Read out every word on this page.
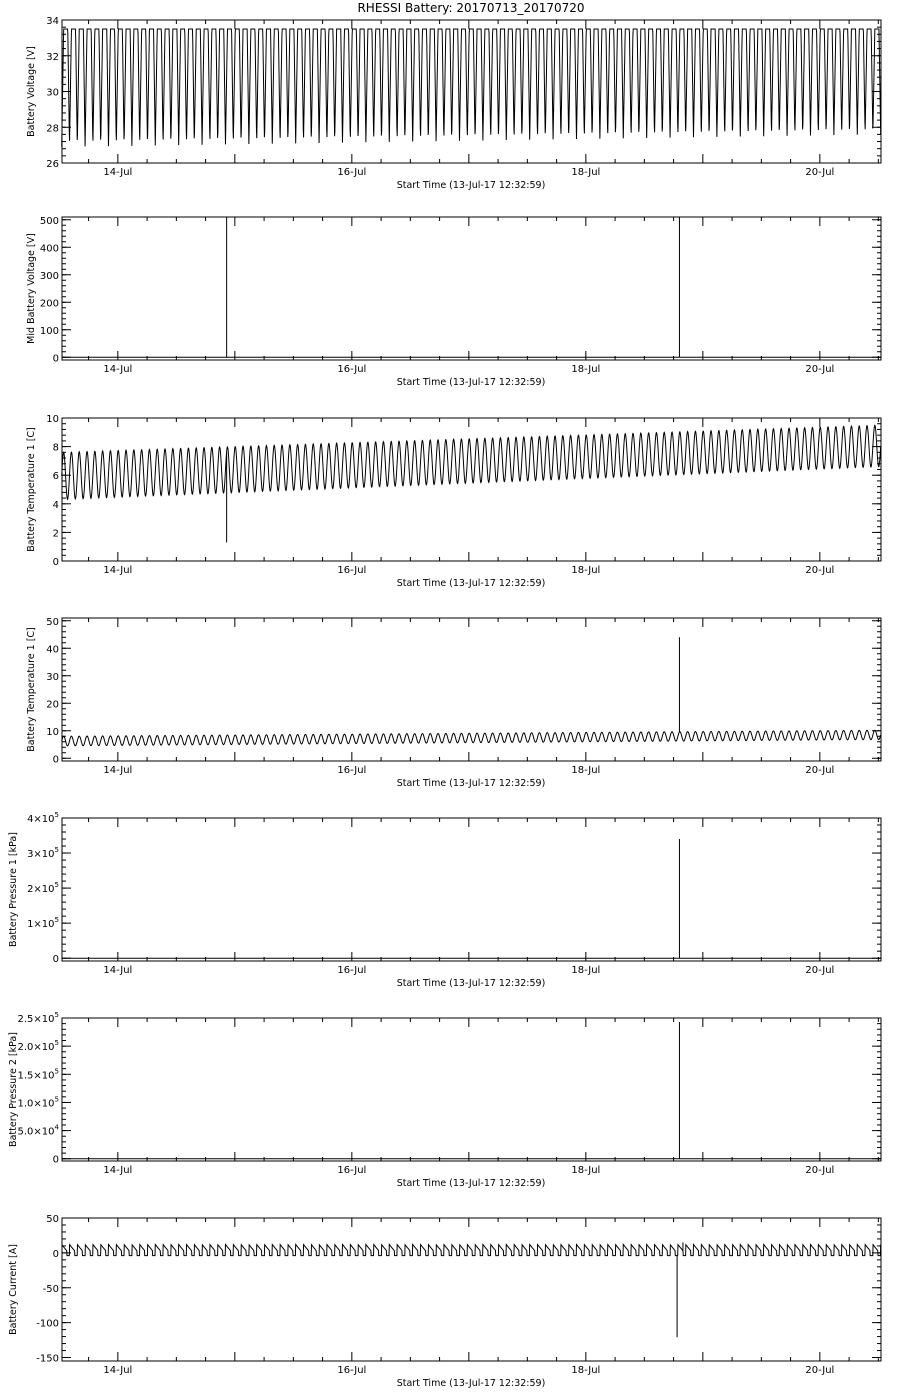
RHESSI Battery: 20170713_20170720
14-Jul	16-Jul	18-Jul	20-Jul
Start Time (13-Jul-17 12:32:59)
26
28
30
32
34
Battery Voltage [V]
14-Jul	16-Jul	18-Jul	20-Jul
Start Time (13-Jul-17 12:32:59)
0
100
200
300
400
500
Mid Battery Voltage [V]
14-Jul	16-Jul	18-Jul	20-Jul
Start Time (13-Jul-17 12:32:59)
0
2
4
6
8
10
Battery Temperature 1 [C]
14-Jul	16-Jul	18-Jul	20-Jul
Start Time (13-Jul-17 12:32:59)
0
10
20
30
40
50
Battery Temperature 1 [C]
14-Jul	16-Jul	18-Jul	20-Jul
Start Time (13-Jul-17 12:32:59)
0
$1\times 10^5$
$2\times 10^5$
$3\times 10^5$
$4\times 10^5$
Battery Pressure 1 [kPa]
14-Jul	16-Jul	18-Jul	20-Jul
Start Time (13-Jul-17 12:32:59)
0
$5.0\times 10^4$
$1.0\times 10^5$
$1.5\times 10^5$
$2.0\times 10^5$
$2.5\times 10^5$
Battery Pressure 2 [kPa]
14-Jul	16-Jul	18-Jul	20-Jul
Start Time (13-Jul-17 12:32:59)
-150
-100
-50
0
50
Battery Current [A]
